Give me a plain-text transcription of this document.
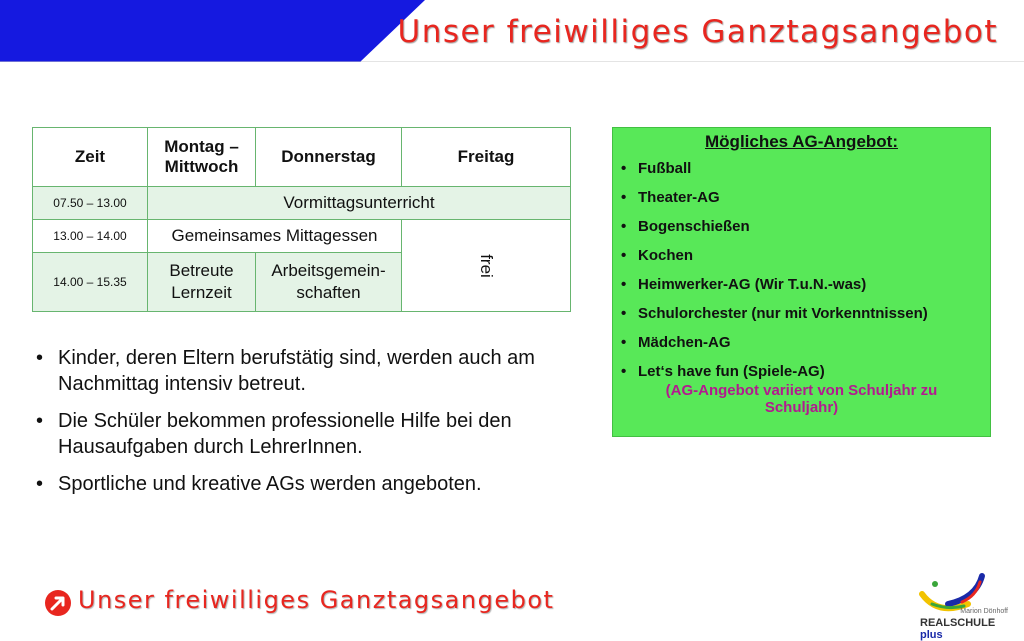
Unser freiwilliges Ganztagsangebot
Zeit	Montag – Mittwoch	Donnerstag	Freitag
07.50 – 13.00	Vormittagsunterricht		
13.00 – 14.00	Gemeinsames Mittagessen		frei
14.00 – 15.35	Betreute Lernzeit	Arbeitsgemein-schaften	
• Kinder, deren Eltern berufstätig sind, werden auch am Nachmittag intensiv betreut.
• Die Schüler bekommen professionelle Hilfe bei den Hausaufgaben durch LehrerInnen.
• Sportliche und kreative AGs werden angeboten.
Mögliches AG-Angebot:
• Fußball
• Theater-AG
• Bogenschießen
• Kochen
• Heimwerker-AG (Wir T.u.N.-was)
• Schulorchester (nur mit Vorkenntnissen)
• Mädchen-AG
• Let‘s have fun (Spiele-AG)
(AG-Angebot variiert von Schuljahr zu Schuljahr)
Unser freiwilliges Ganztagsangebot	Marion Dönhoff
REALSCHULE plus
